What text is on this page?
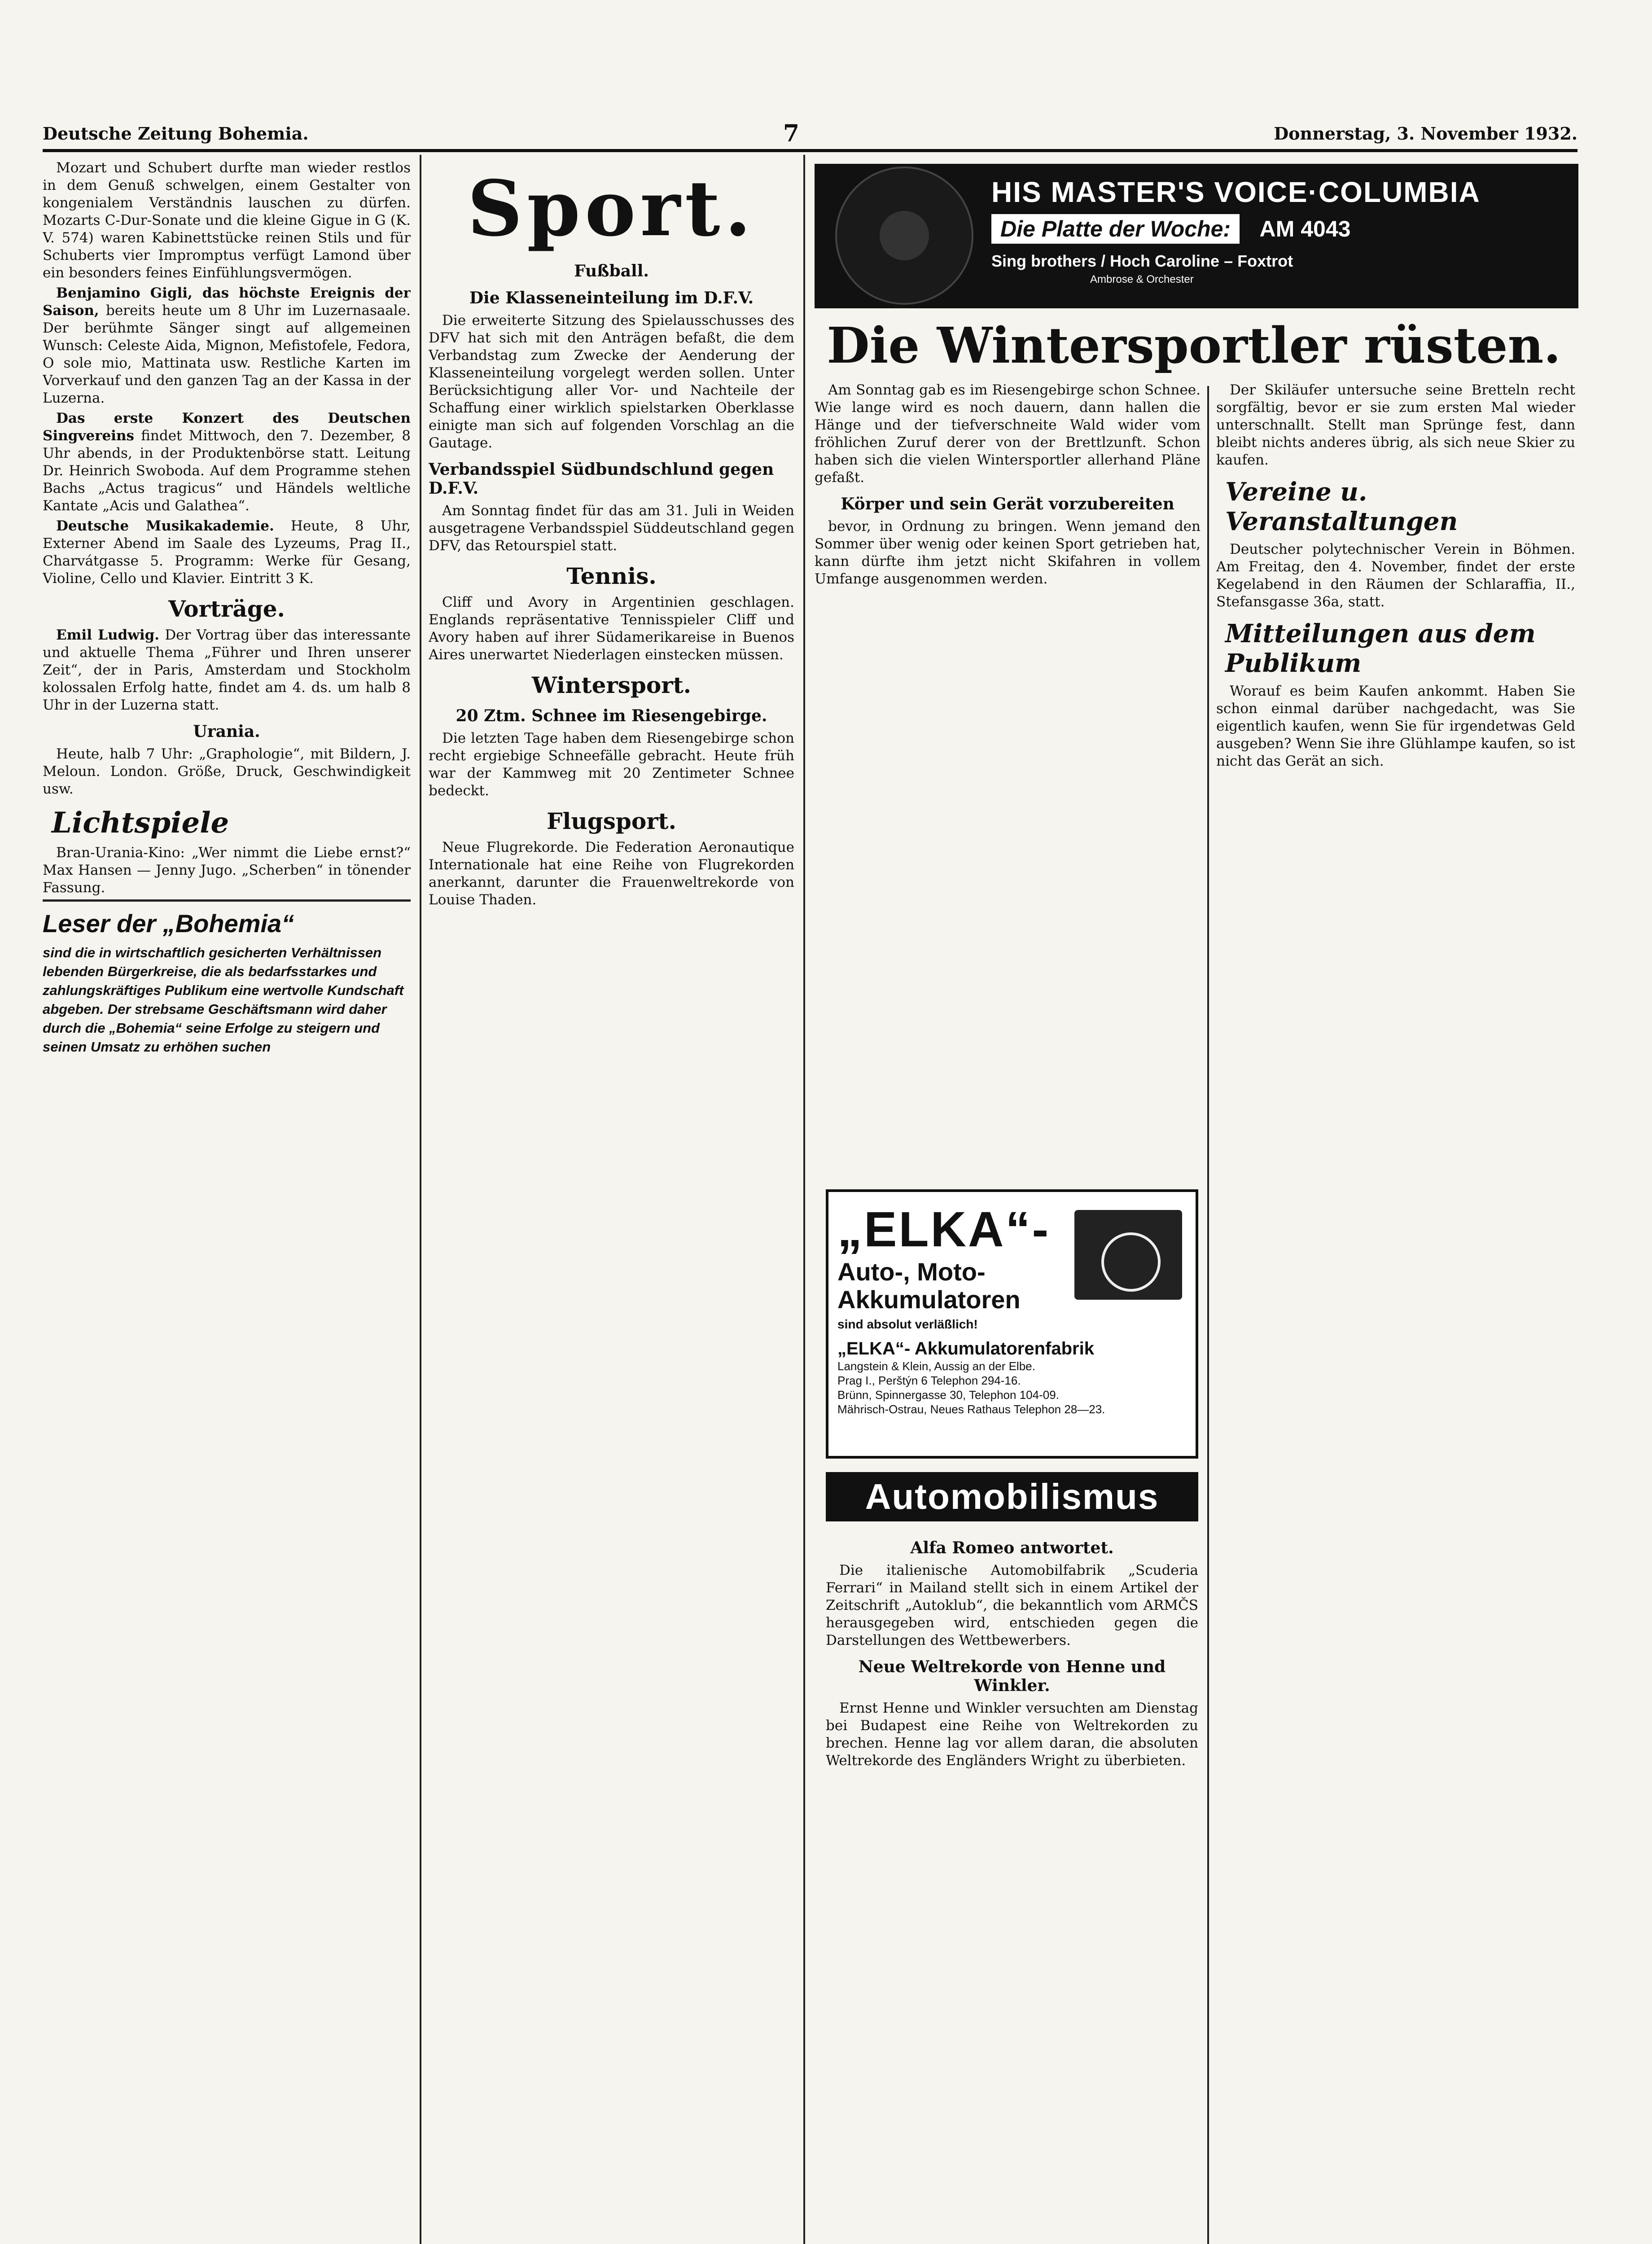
Deutsche Zeitung Bohemia.	7	Donnerstag, 3. November 1932.

Mozart und Schubert durfte man wieder restlos in dem Genuß schwelgen, einem Gestalter von kongenialem Verständnis lauschen zu dürfen. Mozarts C-Dur-Sonate und die kleine Gigue in G (K. V. 574) waren Kabinettstücke reinen Stils und für Schuberts vier Impromptus verfügt Lamond über ein besonders feines Einfühlungsvermögen.

Benjamino Gigli, das höchste Ereignis der Saison, bereits heute um 8 Uhr im Luzernasaale. Der berühmte Sänger singt auf allgemeinen Wunsch: Celeste Aida, Mignon, Mefistofele, Fedora, O sole mio, Mattinata usw. Restliche Karten im Vorverkauf und den ganzen Tag an der Kassa in der Luzerna.

Das erste Konzert des Deutschen Singvereins findet Mittwoch, den 7. Dezember, 8 Uhr abends, in der Produktenbörse statt. Leitung Dr. Heinrich Swoboda. Auf dem Programme stehen Bachs „Actus tragicus“ und Händels weltliche Kantate „Acis und Galathea“.

Deutsche Musikakademie. Heute, 8 Uhr, Externer Abend im Saale des Lyzeums, Prag II., Charvátgasse 5. Programm: Werke für Gesang, Violine, Cello und Klavier. Eintritt 3 K.

Vorträge.

Emil Ludwig. Der Vortrag über das interessante und aktuelle Thema „Führer und Ihren unserer Zeit“, der in Paris, Amsterdam und Stockholm kolossalen Erfolg hatte, findet am 4. ds. um halb 8 Uhr in der Luzerna statt.

Urania.

Heute, halb 7 Uhr: „Graphologie“, mit Bildern, J. Meloun. London. Größe, Druck, Geschwindigkeit usw.

Lichtspiele

Bran-Urania-Kino: „Wer nimmt die Liebe ernst?“ Max Hansen — Jenny Jugo. „Scherben“ in tönender Fassung.

Leser der „Bohemia“
sind die in wirtschaftlich gesicherten Verhältnissen lebenden Bürgerkreise, die als bedarfsstarkes und zahlungskräftiges Publikum eine wertvolle Kundschaft abgeben. Der strebsame Geschäftsmann wird daher durch die „Bohemia“ seine Erfolge zu steigern und seinen Umsatz zu erhöhen suchen
Sport.
Fußball.
Die Klasseneinteilung im D.F.V.

Die erweiterte Sitzung des Spielausschusses des DFV hat sich mit den Anträgen befaßt, die dem Verbandstag zum Zwecke der Aenderung der Klasseneinteilung vorgelegt werden sollen. Unter Berücksichtigung aller Vor- und Nachteile der Schaffung einer wirklich spielstarken Oberklasse einigte man sich auf folgenden Vorschlag an die Gautage.

Verbandsspiel Südbundschlund gegen D.F.V.

Am Sonntag findet für das am 31. Juli in Weiden ausgetragene Verbandsspiel Süddeutschland gegen DFV, das Retourspiel statt.

Tennis.

Cliff und Avory in Argentinien geschlagen. Englands repräsentative Tennisspieler Cliff und Avory haben auf ihrer Südamerikareise in Buenos Aires unerwartet Niederlagen einstecken müssen.

Wintersport.
20 Ztm. Schnee im Riesengebirge.

Die letzten Tage haben dem Riesengebirge schon recht ergiebige Schneefälle gebracht. Heute früh war der Kammweg mit 20 Zentimeter Schnee bedeckt.

Flugsport.

Neue Flugrekorde. Die Federation Aeronautique Internationale hat eine Reihe von Flugrekorden anerkannt, darunter die Frauenweltrekorde von Louise Thaden.

HIS MASTER'S VOICE·COLUMBIA
Die Platte der Woche: AM 4043
Sing brothers / Hoch Caroline – Foxtrot
Ambrose & Orchester
Die Wintersportler rüsten.

Am Sonntag gab es im Riesengebirge schon Schnee. Wie lange wird es noch dauern, dann hallen die Hänge und der tiefverschneite Wald wider vom fröhlichen Zuruf derer von der Brettlzunft. Schon haben sich die vielen Wintersportler allerhand Pläne gefaßt.

Körper und sein Gerät vorzubereiten

bevor, in Ordnung zu bringen. Wenn jemand den Sommer über wenig oder keinen Sport getrieben hat, kann dürfte ihm jetzt nicht Skifahren in vollem Umfange ausgenommen werden.

„ELKA“-
Auto-, Moto-
Akkumulatoren
sind absolut verläßlich!
„ELKA“- Akkumulatorenfabrik
Langstein & Klein, Aussig an der Elbe.
Prag I., Perštýn 6 Telephon 294-16.
Brünn, Spinnergasse 30, Telephon 104-09.
Mährisch-Ostrau, Neues Rathaus Telephon 28—23.
Automobilismus
Alfa Romeo antwortet.

Die italienische Automobilfabrik „Scuderia Ferrari“ in Mailand stellt sich in einem Artikel der Zeitschrift „Autoklub“, die bekanntlich vom ARMČS herausgegeben wird, entschieden gegen die Darstellungen des Wettbewerbers.

Neue Weltrekorde von Henne und Winkler.

Ernst Henne und Winkler versuchten am Dienstag bei Budapest eine Reihe von Weltrekorden zu brechen. Henne lag vor allem daran, die absoluten Weltrekorde des Engländers Wright zu überbieten.

Der Skiläufer untersuche seine Bretteln recht sorgfältig, bevor er sie zum ersten Mal wieder unterschnallt. Stellt man Sprünge fest, dann bleibt nichts anderes übrig, als sich neue Skier zu kaufen.

Vereine u. Veranstaltungen

Deutscher polytechnischer Verein in Böhmen. Am Freitag, den 4. November, findet der erste Kegelabend in den Räumen der Schlaraffia, II., Stefansgasse 36a, statt.

Mitteilungen aus dem Publikum

Worauf es beim Kaufen ankommt. Haben Sie schon einmal darüber nachgedacht, was Sie eigentlich kaufen, wenn Sie für irgendetwas Geld ausgeben? Wenn Sie ihre Glühlampe kaufen, so ist nicht das Gerät an sich.
